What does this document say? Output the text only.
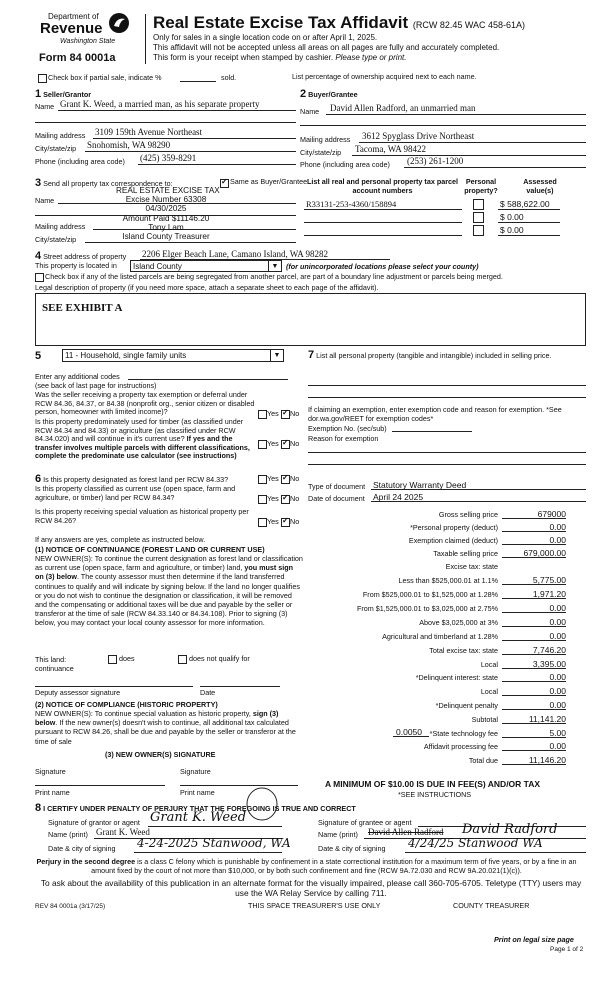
Department of
Revenue
Washington State
Form 84 0001a
Real Estate Excise Tax Affidavit (RCW 82.45 WAC 458-61A)
Only for sales in a single location code on or after April 1, 2025.
This affidavit will not be accepted unless all areas on all pages are fully and accurately completed.
This form is your receipt when stamped by cashier. Please type or print.
Check box if partial sale, indicate %	sold.	List percentage of ownership acquired next to each name.
1 Seller/Grantor
Name Grant K. Weed, a married man, as his separate property
Mailing address 3109 159th Avenue Northeast
City/state/zip Snohomish, WA 98290
Phone (including area code) (425) 359-8291
2 Buyer/Grantee
Name David Allen Radford, an unmarried man
Mailing address 3612 Spyglass Drive Northeast
City/state/zip Tacoma, WA 98422
Phone (including area code) (253) 261-1200
3 Send all property tax correspondence to: ✓	Same as Buyer/Grantee
Name
Mailing address
City/state/zip
REAL ESTATE EXCISE TAX
Excise Number 63308
04/30/2025
Amount Paid $11146.20
Tony Lam
Island County Treasurer
List all real and personal property tax parcel account numbers
Personal property?
Assessed value(s)
R33131-253-4360/158894	$ 588,622.00
$ 0.00
$ 0.00
4 Street address of property 2206 Elger Beach Lane, Camano Island, WA 98282
This property is located in	Island County	▼	(for unincorporated locations please select your county)
Check box if any of the listed parcels are being segregated from another parcel, are part of a boundary line adjustment or parcels being merged.
Legal description of property (if you need more space, attach a separate sheet to each page of the affidavit).
SEE EXHIBIT A
5	11 - Household, single family units	▼
Enter any additional codes
(see back of last page for instructions)
Was the seller receiving a property tax exemption or deferral under RCW 84.36, 84.37, or 84.38 (nonprofit org., senior citizen or disabled person, homeowner with limited income)?	Yes ✓ No
Is this property predominately used for timber (as classified under RCW 84.34 and 84.33) or agriculture (as classified under RCW 84.34.020) and will continue in it's current use? If yes and the transfer involves multiple parcels with different classifications, complete the predominate use calculator (see instructions)
Yes ✓ No
7 List all personal property (tangible and intangible) included in selling price.
If claiming an exemption, enter exemption code and reason for exemption. *See dor.wa.gov/REET for exemption codes*
Exemption No. (sec/sub)
Reason for exemption
Type of document Statutory Warranty Deed
Date of document April 24 2025
Gross selling price	679000
*Personal property (deduct)	0.00
Exemption claimed (deduct)	0.00
Taxable selling price	679,000.00
Excise tax: state
Less than $525,000.01 at 1.1%	5,775.00
From $525,000.01 to $1,525,000 at 1.28%	1,971.20
From $1,525,000.01 to $3,025,000 at 2.75%	0.00
Above $3,025,000 at 3%	0.00
Agricultural and timberland at 1.28%	0.00
Total excise tax: state	7,746.20
Local	3,395.00
*Delinquent interest: state	0.00
Local	0.00
*Delinquent penalty	0.00
Subtotal	11,141.20
*State technology fee	5.00
Affidavit processing fee	0.00
Total due	11,146.20
0.0050
A MINIMUM OF $10.00 IS DUE IN FEE(S) AND/OR TAX
*SEE INSTRUCTIONS
6 Is this property designated as forest land per RCW 84.33?	Yes ✓ No
Is this property classified as current use (open space, farm and agriculture, or timber) land per RCW 84.34?	Yes ✓ No
Is this property receiving special valuation as historical property per RCW 84.26?	Yes ✓ No
If any answers are yes, complete as instructed below.
(1) NOTICE OF CONTINUANCE (FOREST LAND OR CURRENT USE)
NEW OWNER(S): To continue the current designation as forest land or classification as current use (open space, farm and agriculture, or timber) land, you must sign on (3) below. The county assessor must then determine if the land transferred continues to qualify and will indicate by signing below. If the land no longer qualifies or you do not wish to continue the designation or classification, it will be removed and the compensating or additional taxes will be due and payable by the seller or transferor at the time of sale (RCW 84.33.140 or 84.34.108). Prior to signing (3) below, you may contact your local county assessor for more information.
This land:	does	does not qualify for
continuance
Deputy assessor signature	Date
(2) NOTICE OF COMPLIANCE (HISTORIC PROPERTY)
NEW OWNER(S): To continue special valuation as historic property, sign (3) below. If the new owner(s) doesn't wish to continue, all additional tax calculated pursuant to RCW 84.26, shall be due and payable by the seller or transferor at the time of sale
(3) NEW OWNER(S) SIGNATURE
Signature	Signature
Print name	Print name
8 I CERTIFY UNDER PENALTY OF PERJURY THAT THE FOREGOING IS TRUE AND CORRECT
Signature of grantor or agent Grant K. Weed
Name (print) Grant K. Weed
Date & city of signing 4-24-2025 Stanwood, WA
Signature of grantee or agent
Name (print) David Allen Radford David Radford
Date & city of signing 4/24/25 Stanwood WA
Perjury in the second degree is a class C felony which is punishable by confinement in a state correctional institution for a maximum term of five years, or by a fine in an amount fixed by the court of not more than $10,000, or by both such confinement and fine (RCW 9A.72.030 and RCW 9A.20.021(1)(c)).
To ask about the availability of this publication in an alternate format for the visually impaired, please call 360-705-6705. Teletype (TTY) users may use the WA Relay Service by calling 711.
REV 84 0001a (3/17/25)	THIS SPACE TREASURER'S USE ONLY	COUNTY TREASURER
Print on legal size page
Page 1 of 2
